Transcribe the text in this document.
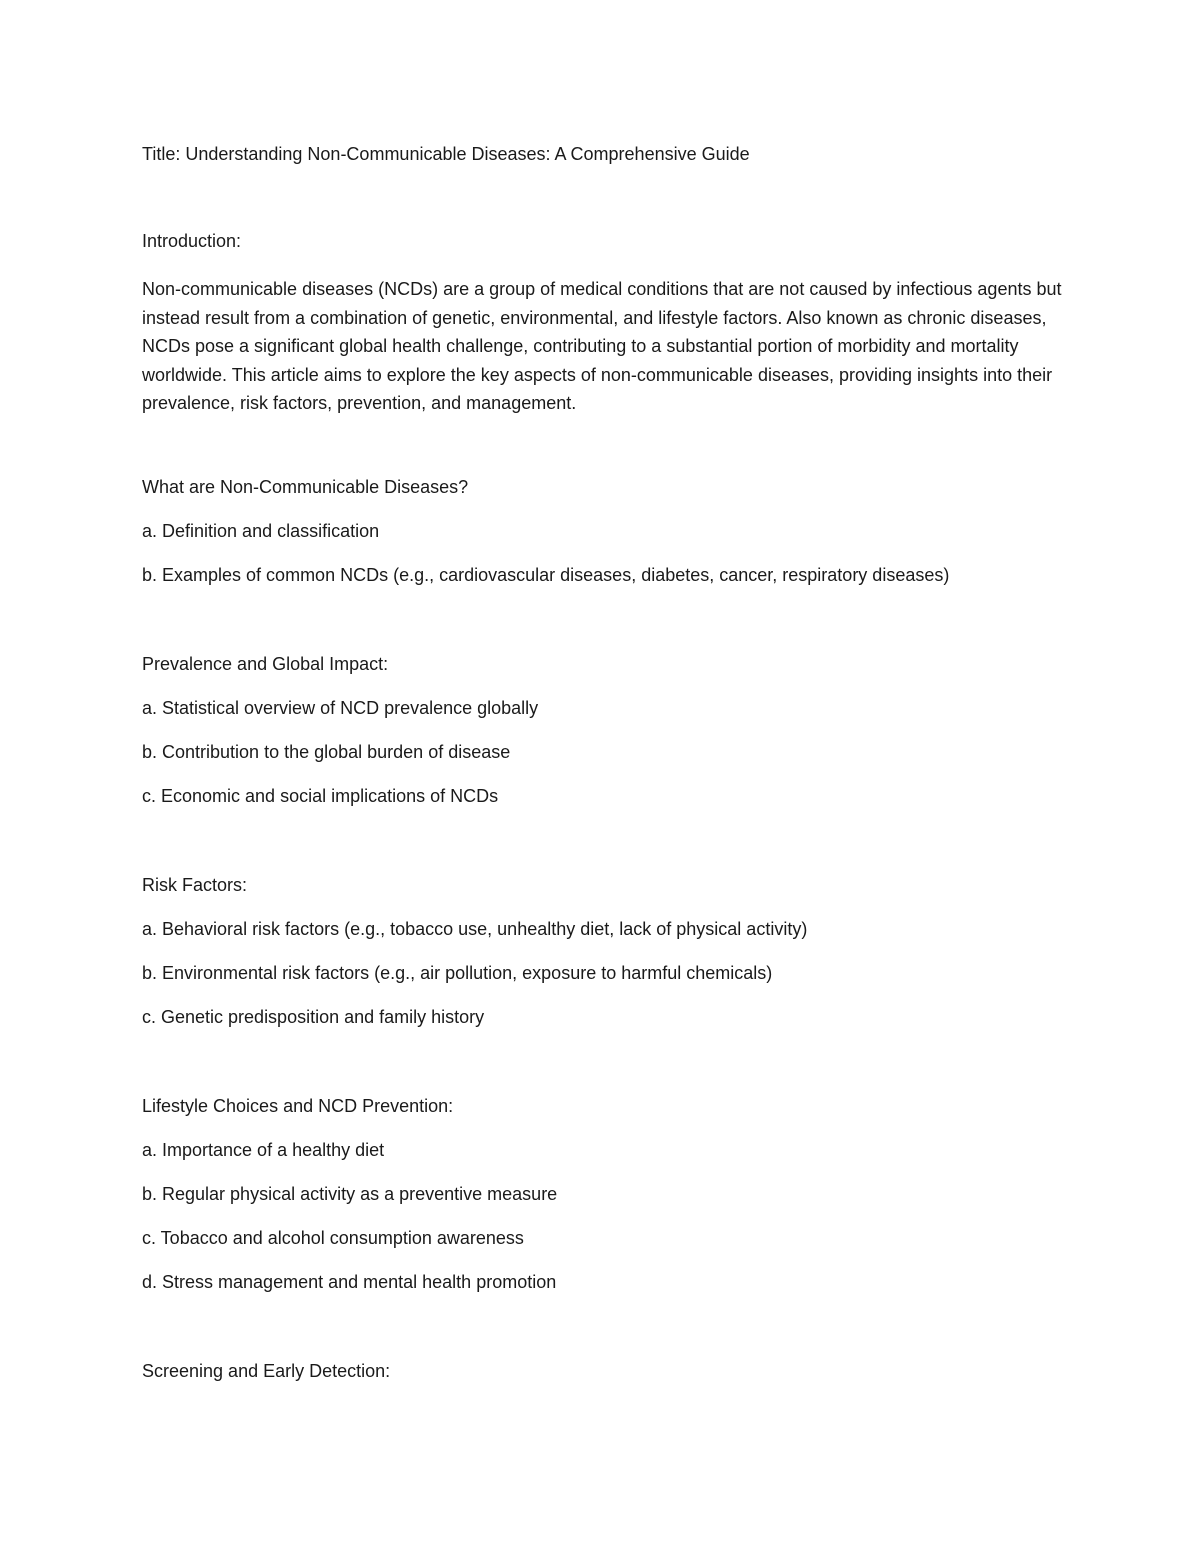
Title: Understanding Non-Communicable Diseases: A Comprehensive Guide

Introduction:

Non-communicable diseases (NCDs) are a group of medical conditions that are not caused by infectious agents but instead result from a combination of genetic, environmental, and lifestyle factors. Also known as chronic diseases, NCDs pose a significant global health challenge, contributing to a substantial portion of morbidity and mortality worldwide. This article aims to explore the key aspects of non-communicable diseases, providing insights into their prevalence, risk factors, prevention, and management.

What are Non-Communicable Diseases?

a. Definition and classification

b. Examples of common NCDs (e.g., cardiovascular diseases, diabetes, cancer, respiratory diseases)

Prevalence and Global Impact:

a. Statistical overview of NCD prevalence globally

b. Contribution to the global burden of disease

c. Economic and social implications of NCDs

Risk Factors:

a. Behavioral risk factors (e.g., tobacco use, unhealthy diet, lack of physical activity)

b. Environmental risk factors (e.g., air pollution, exposure to harmful chemicals)

c. Genetic predisposition and family history

Lifestyle Choices and NCD Prevention:

a. Importance of a healthy diet

b. Regular physical activity as a preventive measure

c. Tobacco and alcohol consumption awareness

d. Stress management and mental health promotion

Screening and Early Detection:
